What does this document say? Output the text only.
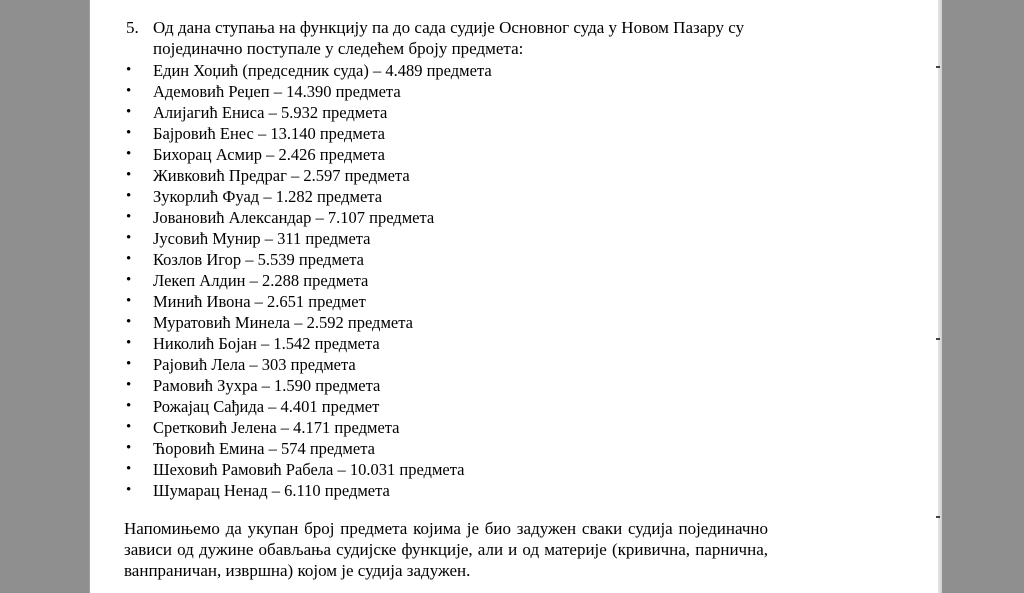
5. Од дана ступања на функцију па до сада судије Основног суда у Новом Пазару су појединачно поступале у следећем броју предмета:
• Един Хоџић (председник суда) – 4.489 предмета
• Адемовић Реџеп – 14.390 предмета
• Алијагић Ениса – 5.932 предмета
• Бајровић Енес – 13.140 предмета
• Бихорац Асмир – 2.426 предмета
• Живковић Предраг – 2.597 предмета
• Зукорлић Фуад – 1.282 предмета
• Јовановић Александар – 7.107 предмета
• Јусовић Мунир – 311 предмета
• Козлов Игор – 5.539 предмета
• Лекеп Алдин – 2.288 предмета
• Минић Ивона – 2.651 предмет
• Муратовић Минела – 2.592 предмета
• Николић Бојан – 1.542 предмета
• Рајовић Лела – 303 предмета
• Рамовић Зухра – 1.590 предмета
• Рожајац Сађида – 4.401 предмет
• Сретковић Јелена – 4.171 предмета
• Ћоровић Емина – 574 предмета
• Шеховић Рамовић Рабела – 10.031 предмета
• Шумарац Ненад – 6.110 предмета
Напомињемо да укупан број предмета којима је био задужен сваки судија појединачно зависи од дужине обављања судијске функције, али и од материје (кривична, парнична, ванпраничан, извршна) којом је судија задужен.
